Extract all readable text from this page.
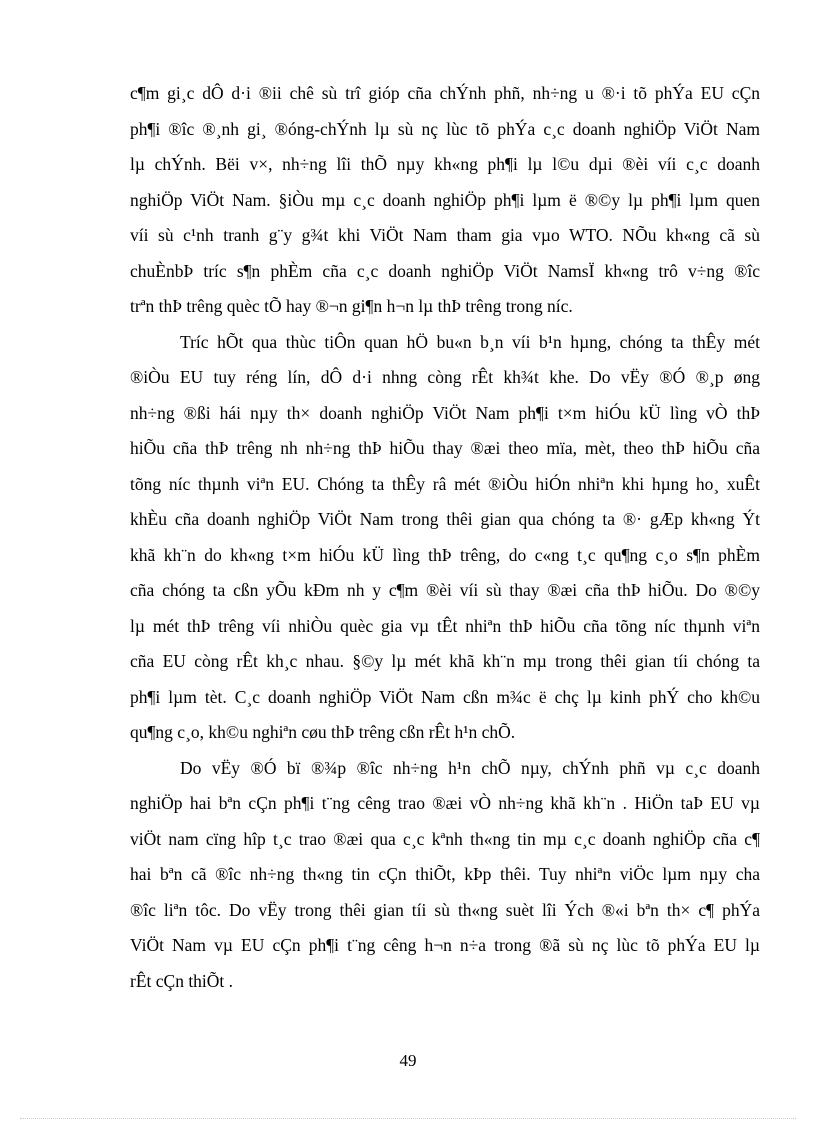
c¶m gi¸c dÔ d·i ®ii chê sù trî gióp cña chÝnh phñ, nh÷ng u ®·i tõ phÝa EU cÇn
ph¶i ®îc ®¸nh gi¸ ®óng-chÝnh lµ sù nç lùc tõ phÝa c¸c doanh nghiÖp ViÖt Nam
lµ chÝnh. Bëi v×, nh÷ng lîi thÕ nµy kh«ng ph¶i lµ l©u dµi ®èi víi c¸c doanh
nghiÖp ViÖt Nam. §iÒu mµ c¸c doanh nghiÖp ph¶i lµm ë ®©y lµ ph¶i lµm quen
víi sù c¹nh tranh g¨y g¾t khi ViÖt Nam tham gia vµo WTO. NÕu kh«ng cã sù
chuÈnbÞ tríc s¶n phÈm cña c¸c doanh nghiÖp ViÖt NamsÏ kh«ng trô v÷ng ®îc
trªn thÞ trêng quèc tÕ hay ®¬n gi¶n h¬n lµ thÞ trêng trong níc.

Tríc hÕt qua thùc tiÔn quan hÖ bu«n b¸n víi b¹n hµng, chóng ta thÊy mét
®iÒu EU tuy réng lín, dÔ d·i nhng còng rÊt kh¾t khe. Do vËy ®Ó ®¸p øng
nh÷ng ®ßi hái nµy th× doanh nghiÖp ViÖt Nam ph¶i t×m hiÓu kÜ lìng vÒ thÞ
hiÕu cña thÞ trêng nh nh÷ng thÞ hiÕu thay ®æi theo mïa, mèt, theo thÞ hiÕu cña
tõng níc thµnh viªn EU. Chóng ta thÊy râ mét ®iÒu hiÓn nhiªn khi hµng ho¸ xuÊt
khÈu cña doanh nghiÖp ViÖt Nam trong thêi gian qua chóng ta ®· gÆp kh«ng Ýt
khã kh¨n do kh«ng t×m hiÓu kÜ lìng thÞ trêng, do c«ng t¸c qu¶ng c¸o s¶n phÈm
cña chóng ta cßn yÕu kÐm nh y c¶m ®èi víi sù thay ®æi cña thÞ hiÕu. Do ®©y
lµ mét thÞ trêng víi nhiÒu quèc gia vµ tÊt nhiªn thÞ hiÕu cña tõng níc thµnh viªn
cña EU còng rÊt kh¸c nhau. §©y lµ mét khã kh¨n mµ trong thêi gian tíi chóng ta
ph¶i lµm tèt. C¸c doanh nghiÖp ViÖt Nam cßn m¾c ë chç lµ kinh phÝ cho kh©u
qu¶ng c¸o, kh©u nghiªn cøu thÞ trêng cßn rÊt h¹n chÕ.

Do vËy ®Ó bï ®¾p ®îc nh÷ng h¹n chÕ nµy, chÝnh phñ vµ c¸c doanh
nghiÖp hai bªn cÇn ph¶i t¨ng cêng trao ®æi vÒ nh÷ng khã kh¨n . HiÖn taÞ EU vµ
viÖt nam cïng hîp t¸c trao ®æi qua c¸c kªnh th«ng tin mµ c¸c doanh nghiÖp cña c¶
hai bªn cã ®îc nh÷ng th«ng tin cÇn thiÕt, kÞp thêi. Tuy nhiªn viÖc lµm nµy cha
®îc liªn tôc. Do vËy trong thêi gian tíi sù th«ng suèt lîi Ých ®«i bªn th× c¶ phÝa
ViÖt Nam vµ EU cÇn ph¶i t¨ng cêng h¬n n÷a trong ®ã sù nç lùc tõ phÝa EU lµ
rÊt cÇn thiÕt .

49
